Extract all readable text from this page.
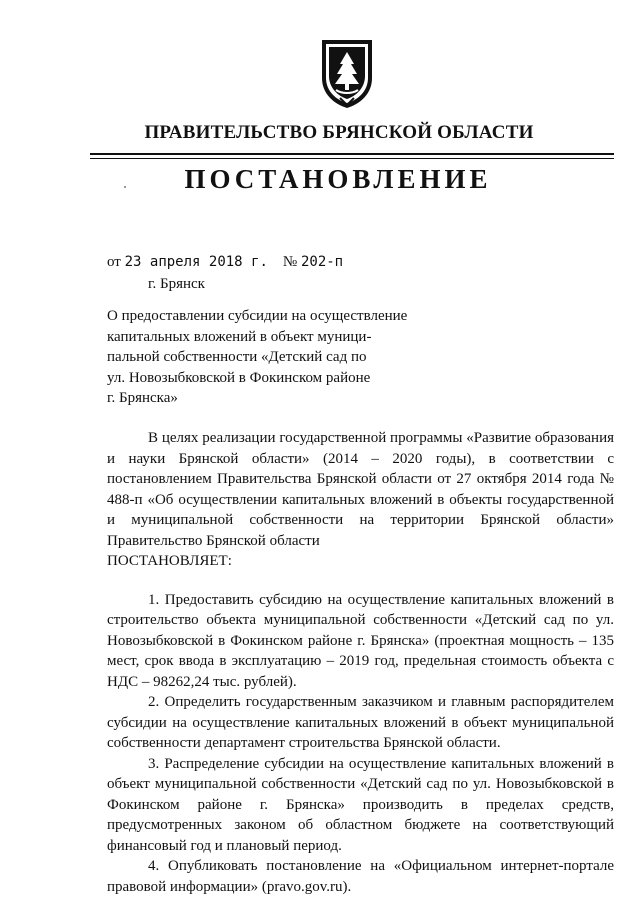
ПРАВИТЕЛЬСТВО БРЯНСКОЙ ОБЛАСТИ
ПОСТАНОВЛЕНИЕ
от 23 апреля 2018 г. № 202-п
г. Брянск
О предоставлении субсидии на осуществление
капитальных вложений в объект муници-
пальной собственности «Детский сад по
ул. Новозыбковской в Фокинском районе
г. Брянска»

В целях реализации государственной программы «Развитие образования и науки Брянской области» (2014 – 2020 годы), в соответствии с постановлением Правительства Брянской области от 27 октября 2014 года № 488-п «Об осуществлении капитальных вложений в объекты государственной и муниципальной собственности на территории Брянской области» Правительство Брянской области

ПОСТАНОВЛЯЕТ:

1. Предоставить субсидию на осуществление капитальных вложений в строительство объекта муниципальной собственности «Детский сад по ул. Новозыбковской в Фокинском районе г. Брянска» (проектная мощность – 135 мест, срок ввода в эксплуатацию – 2019 год, предельная стоимость объекта с НДС – 98262,24 тыс. рублей).

2. Определить государственным заказчиком и главным распорядителем субсидии на осуществление капитальных вложений в объект муниципальной собственности департамент строительства Брянской области.

3. Распределение субсидии на осуществление капитальных вложений в объект муниципальной собственности «Детский сад по ул. Новозыбковской в Фокинском районе г. Брянска» производить в пределах средств, предусмотренных законом об областном бюджете на соответствующий финансовый год и плановый период.

4. Опубликовать постановление на «Официальном интернет-портале правовой информации» (pravo.gov.ru).
